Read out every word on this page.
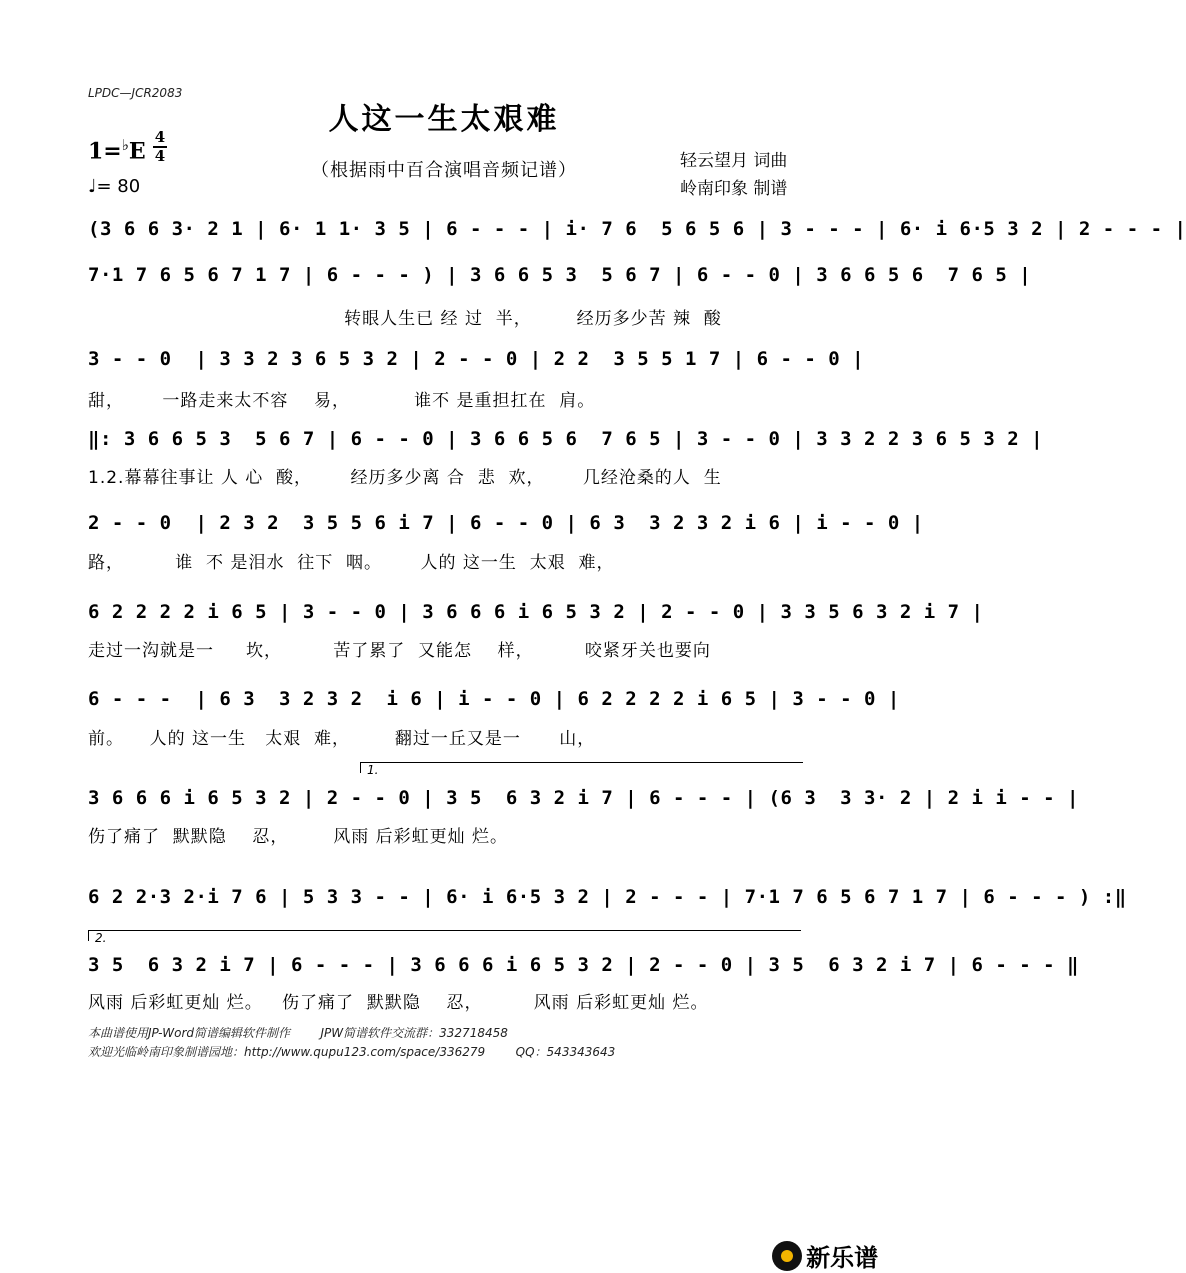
LPDC—JCR2083
人这一生太艰难
1=♭E
4
4
♩= 80
（根据雨中百合演唱音频记谱）	轻云望月 词曲
岭南印象 制谱
(3 6 6 3· 2 1 | 6· 1 1· 3 5 | 6 - - - | i· 7 6  5 6 5 6 | 3 - - - | 6· i 6·5 3 2 | 2 - - - |
7·1 7 6 5 6 7 1 7 | 6 - - - ) | 3 6 6 5 3  5 6 7 | 6 - - 0 | 3 6 6 5 6  7 6 5 |
转眼人生已 经 过  半，       经历多少苦 辣  酸
3 - - 0  | 3 3 2 3 6 5 3 2 | 2 - - 0 | 2 2  3 5 5 1 7 | 6 - - 0 |
甜，      一路走来太不容    易，          谁不 是重担扛在  肩。
‖: 3 6 6 5 3  5 6 7 | 6 - - 0 | 3 6 6 5 6  7 6 5 | 3 - - 0 | 3 3 2 2 3 6 5 3 2 |
1.2.幕幕往事让 人 心  酸，      经历多少离 合  悲  欢，      几经沧桑的人  生
2 - - 0  | 2 3 2  3 5 5 6 i 7 | 6 - - 0 | 6 3  3 2 3 2 i 6 | i - - 0 |
路，        谁  不 是泪水  往下  咽。      人的 这一生  太艰  难，
6 2 2 2 2 i 6 5 | 3 - - 0 | 3 6 6 6 i 6 5 3 2 | 2 - - 0 | 3 3 5 6 3 2 i 7 |
走过一沟就是一     坎，        苦了累了  又能怎    样，        咬紧牙关也要向
6 - - -  | 6 3  3 2 3 2  i 6 | i - - 0 | 6 2 2 2 2 i 6 5 | 3 - - 0 |
前。    人的 这一生   太艰  难，       翻过一丘又是一      山，
1.
3 6 6 6 i 6 5 3 2 | 2 - - 0 | 3 5  6 3 2 i 7 | 6 - - - | (6 3  3 3· 2 | 2 i i - - |
伤了痛了  默默隐    忍，       风雨 后彩虹更灿 烂。
6 2 2·3 2·i 7 6 | 5 3 3 - - | 6· i 6·5 3 2 | 2 - - - | 7·1 7 6 5 6 7 1 7 | 6 - - - ) :‖
2.
3 5  6 3 2 i 7 | 6 - - - | 3 6 6 6 i 6 5 3 2 | 2 - - 0 | 3 5  6 3 2 i 7 | 6 - - - ‖
风雨 后彩虹更灿 烂。   伤了痛了  默默隐    忍，        风雨 后彩虹更灿 烂。
本曲谱使用JP-Word简谱编辑软件制作        JPW简谱软件交流群：332718458
欢迎光临岭南印象制谱园地：http://www.qupu123.com/space/336279        QQ：543343643

新乐谱
